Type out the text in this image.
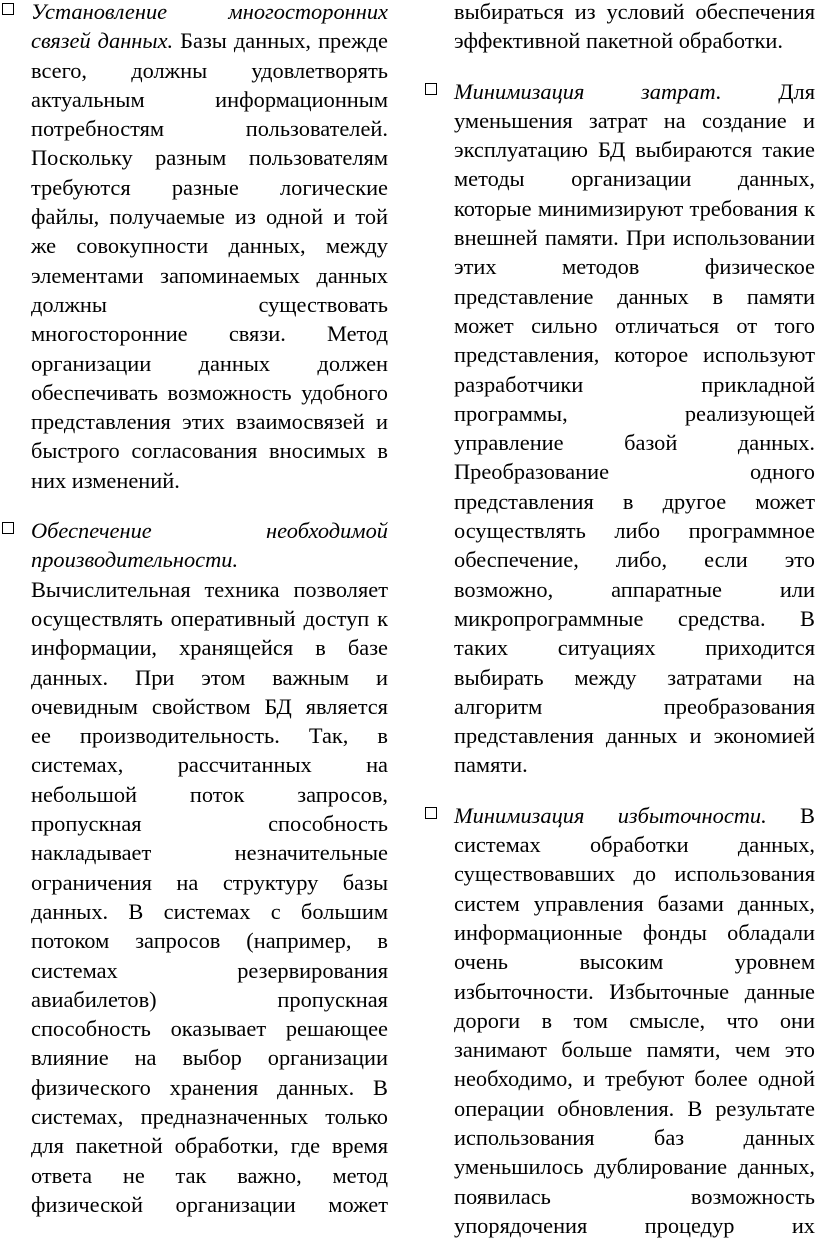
Установление многосторонних связей данных. Базы данных, прежде всего, должны удовлетворять актуальным информационным потребностям пользователей. Поскольку разным пользователям требуются разные логические файлы, получаемые из одной и той же совокупности данных, между элементами запоминаемых данных должны существовать многосторонние связи. Метод организации данных должен обеспечивать возможность удобного представления этих взаимосвязей и быстрого согласования вносимых в них изменений.

Обеспечение необходимой производительности.

Вычислительная техника позволяет осуществлять оперативный доступ к информации, хранящейся в базе данных. При этом важным и очевидным свойством БД является ее производительность. Так, в системах, рассчитанных на небольшой поток запросов, пропускная способность накладывает незначительные ограничения на структуру базы данных. В системах с большим потоком запросов (например, в системах резервирования авиабилетов) пропускная способность оказывает решающее влияние на выбор организации физического хранения данных. В системах, предназначенных только для пакетной обработки, где время ответа не так важно, метод физической организации может

выбираться из условий обеспечения эффективной пакетной обработки.

Минимизация затрат. Для уменьшения затрат на создание и эксплуатацию БД выбираются такие методы организации данных, которые минимизируют требования к внешней памяти. При использовании этих методов физическое представление данных в памяти может сильно отличаться от того представления, которое используют разработчики прикладной программы, реализующей управление базой данных. Преобразование одного представления в другое может осуществлять либо программное обеспечение, либо, если это возможно, аппаратные или микропрограммные средства. В таких ситуациях приходится выбирать между затратами на алгоритм преобразования представления данных и экономией памяти.

Минимизация избыточности. В системах обработки данных, существовавших до использования систем управления базами данных, информационные фонды обладали очень высоким уровнем избыточности. Избыточные данные дороги в том смысле, что они занимают больше памяти, чем это необходимо, и требуют более одной операции обновления. В результате использования баз данных уменьшилось дублирование данных, появилась возможность упорядочения процедур их
